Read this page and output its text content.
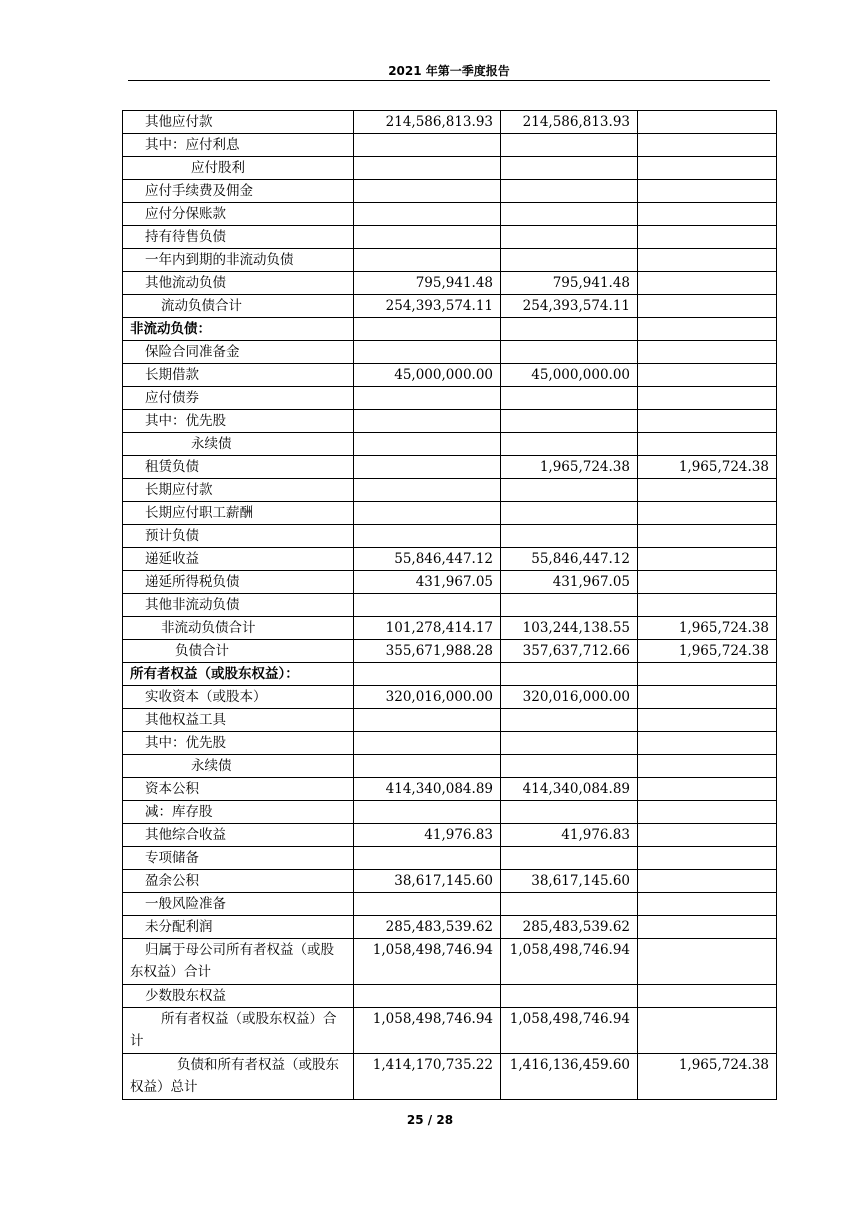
2021 年第一季度报告
其他应付款	214,586,813.93	214,586,813.93	
其中：应付利息			
应付股利			
应付手续费及佣金			
应付分保账款			
持有待售负债			
一年内到期的非流动负债			
其他流动负债	795,941.48	795,941.48	
流动负债合计	254,393,574.11	254,393,574.11	
非流动负债：			
保险合同准备金			
长期借款	45,000,000.00	45,000,000.00	
应付债券			
其中：优先股			
永续债			
租赁负债		1,965,724.38	1,965,724.38
长期应付款			
长期应付职工薪酬			
预计负债			
递延收益	55,846,447.12	55,846,447.12	
递延所得税负债	431,967.05	431,967.05	
其他非流动负债			
非流动负债合计	101,278,414.17	103,244,138.55	1,965,724.38
负债合计	355,671,988.28	357,637,712.66	1,965,724.38
所有者权益（或股东权益）：			
实收资本（或股本）	320,016,000.00	320,016,000.00	
其他权益工具			
其中：优先股			
永续债			
资本公积	414,340,084.89	414,340,084.89	
减：库存股			
其他综合收益	41,976.83	41,976.83	
专项储备			
盈余公积	38,617,145.60	38,617,145.60	
一般风险准备			
未分配利润	285,483,539.62	285,483,539.62	
归属于母公司所有者权益（或股东权益）合计	1,058,498,746.94	1,058,498,746.94	
少数股东权益			
所有者权益（或股东权益）合计	1,058,498,746.94	1,058,498,746.94	
负债和所有者权益（或股东权益）总计	1,414,170,735.22	1,416,136,459.60	1,965,724.38
25 / 28
